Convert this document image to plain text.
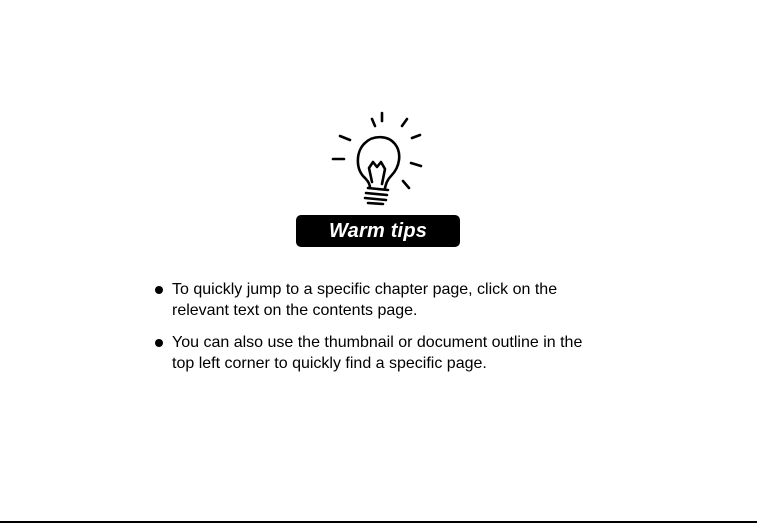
Warm tips
To quickly jump to a specific chapter page, click on the relevant text on the contents page.
You can also use the thumbnail or document outline in the top left corner to quickly find a specific page.
